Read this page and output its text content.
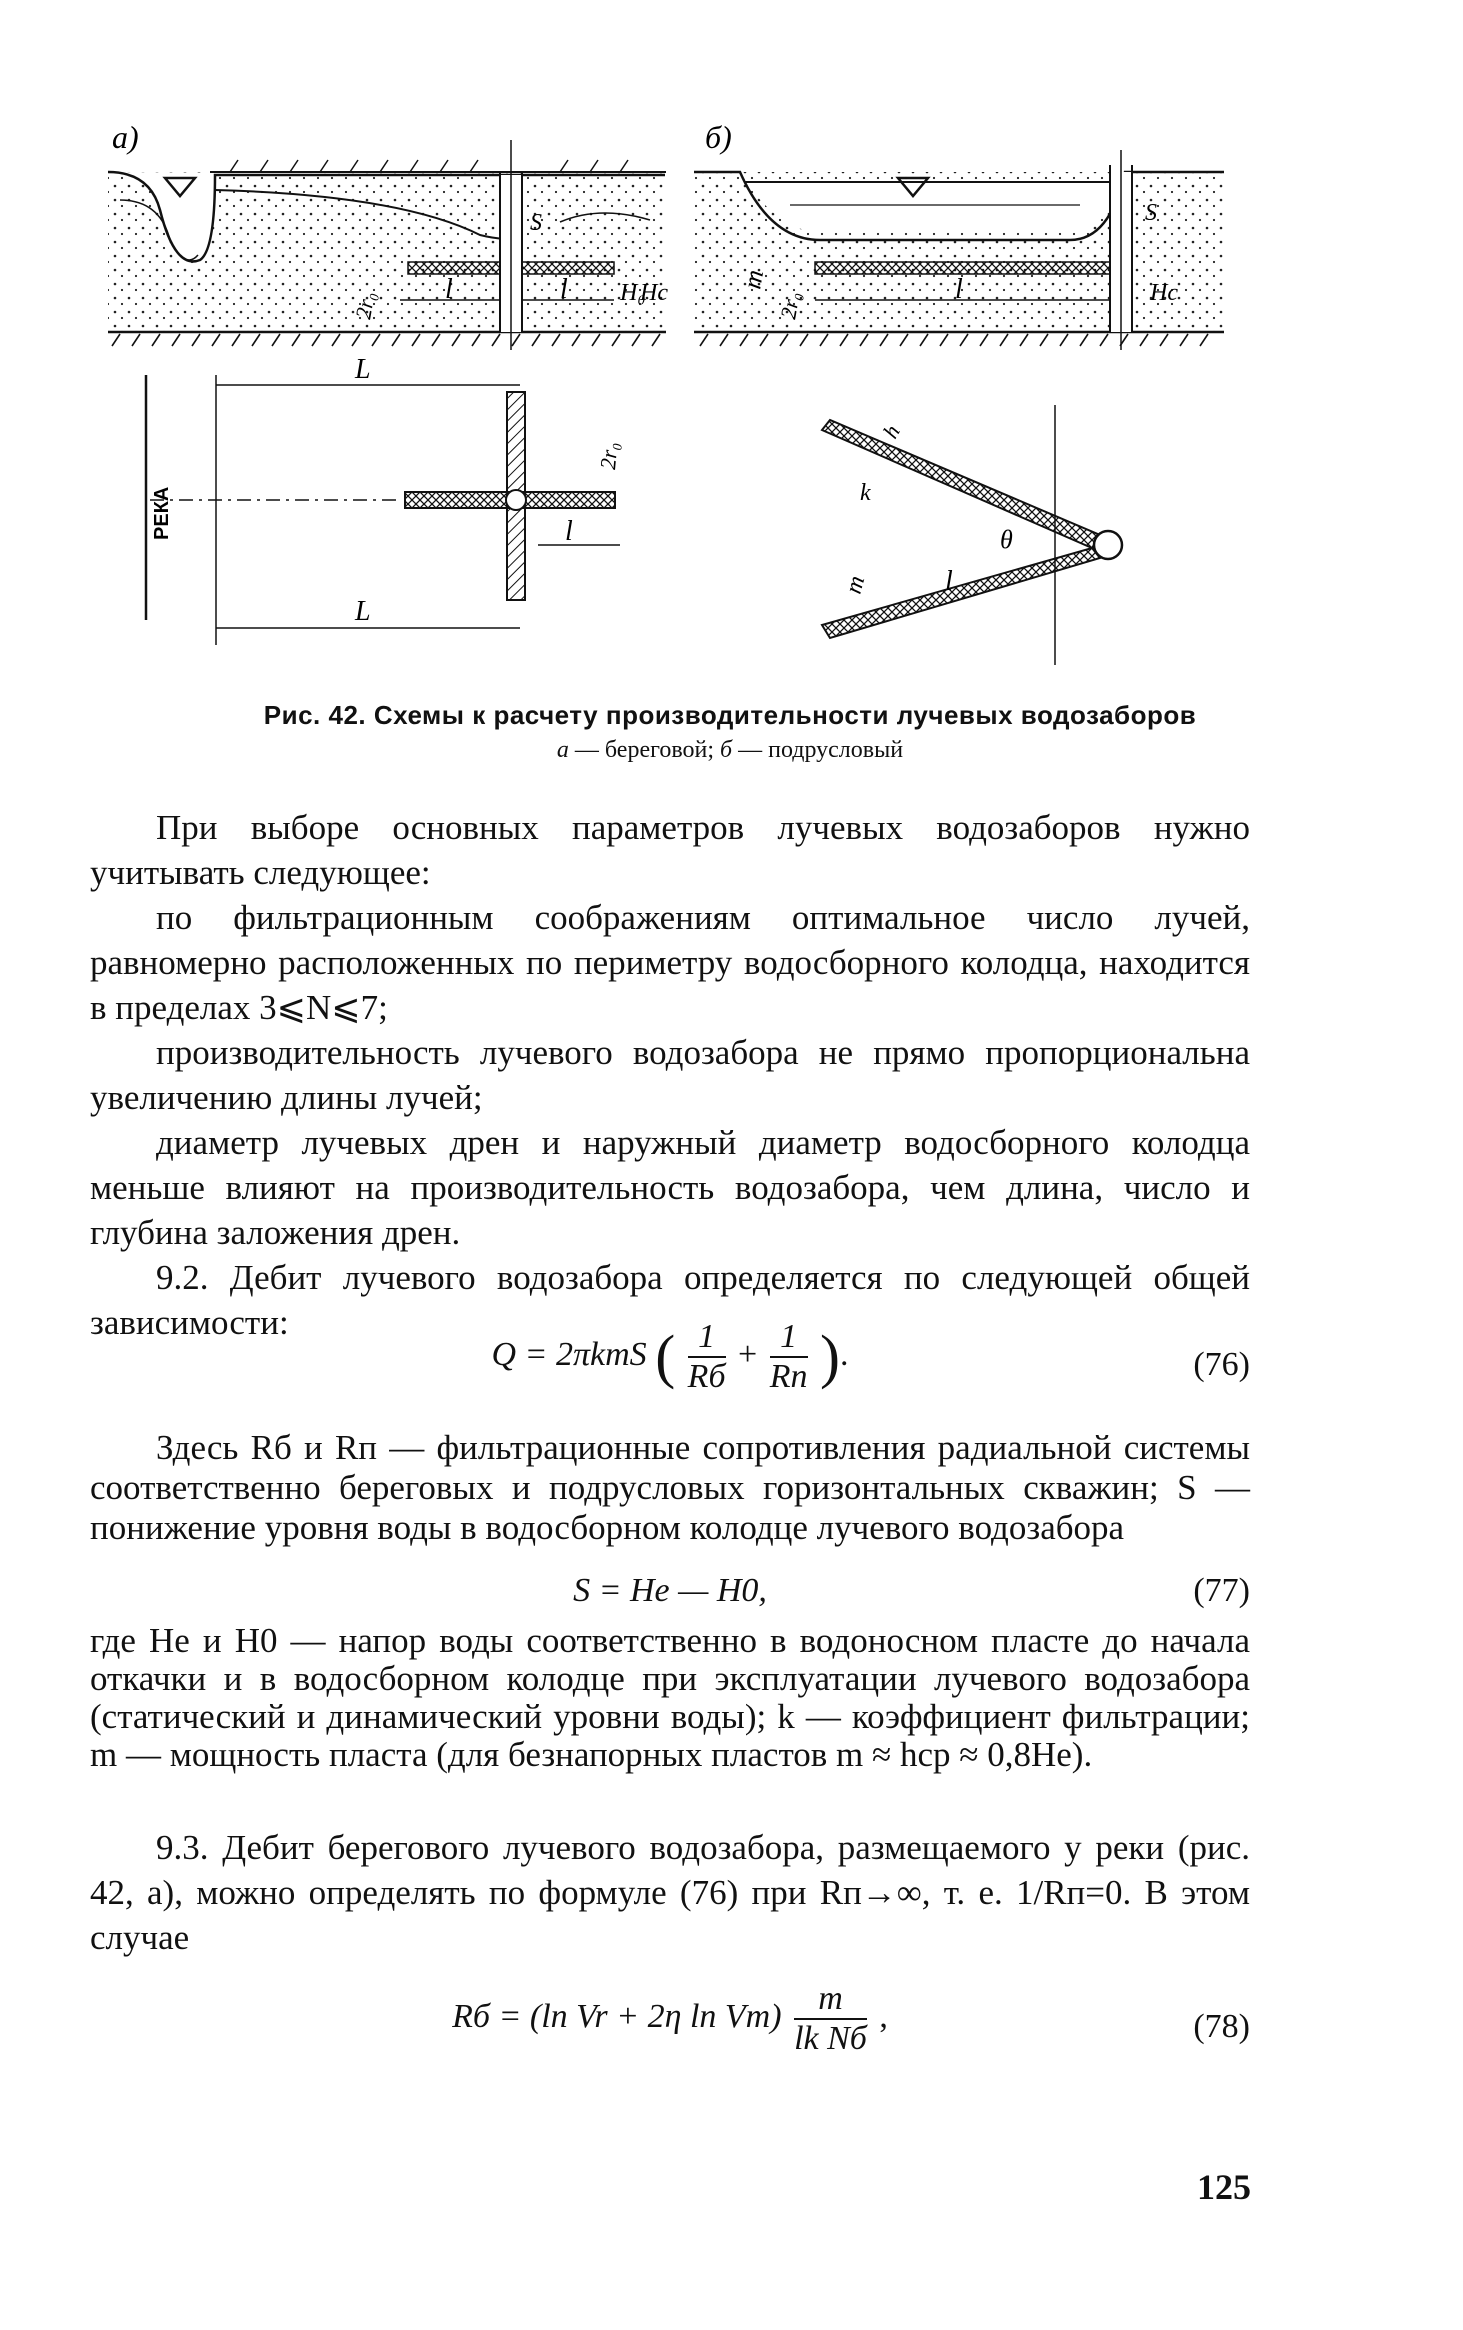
a)
l	l
S
H₀
Hc
2r₀
б)
l
m
2r₀
S
Hc
РЕКА
L
L
l
2r₀
θ
l
k
m
h
Рис. 42. Схемы к расчету производительности лучевых водозаборов
а — береговой; б — подрусловый

При выборе основных параметров лучевых водозаборов нужно учитывать следующее:

по фильтрационным соображениям оптимальное число лучей, равномерно расположенных по периметру водосборного колодца, находится в пределах 3⩽N⩽7;

производительность лучевого водозабора не прямо пропорциональна увеличению длины лучей;

диаметр лучевых дрен и наружный диаметр водосборного колодца меньше влияют на производительность водозабора, чем длина, число и глубина заложения дрен.

9.2. Дебит лучевого водозабора определяется по следующей общей зависимости:

Q = 2πkmS ( $\frac{1}{Rб} + \frac{1}{Rп}$ ).	(76)

Здесь Rб и Rп — фильтрационные сопротивления радиальной системы соответственно береговых и подрусловых горизонтальных скважин; S — понижение уровня воды в водосборном колодце лучевого водозабора

S = He — H0,	(77)

где He и H0 — напор воды соответственно в водоносном пласте до начала откачки и в водосборном колодце при эксплуатации лучевого водозабора (статический и динамический уровни воды); k — коэффициент фильтрации; m — мощность пласта (для безнапорных пластов m ≈ hср ≈ 0,8He).

9.3. Дебит берегового лучевого водозабора, размещаемого у реки (рис. 42, а), можно определять по формуле (76) при Rп→∞, т. е. 1/Rп=0. В этом случае

Rб = (ln Vr + 2η $\ln Vт) \frac{m}{\text{lk Nб}}$ ,	(78)
125
